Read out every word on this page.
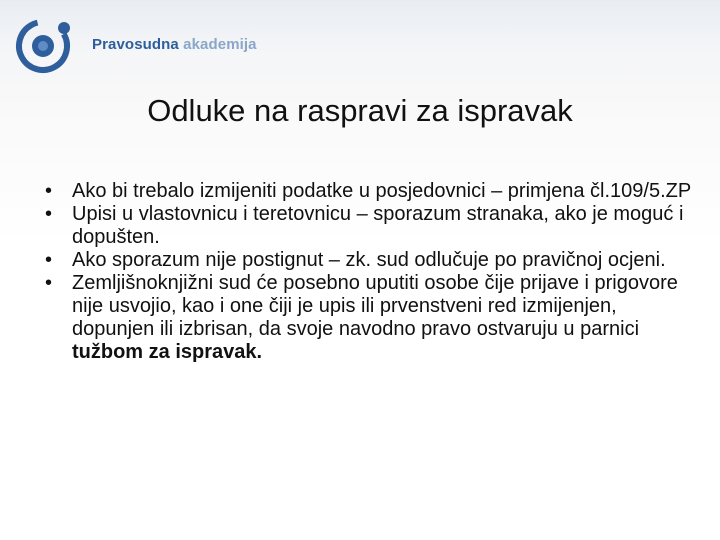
Pravosudna akademija
Odluke na raspravi za ispravak
• Ako bi trebalo izmijeniti podatke u posjedovnici – primjena čl.109/5.ZP
• Upisi u vlastovnicu i teretovnicu – sporazum stranaka, ako je moguć i dopušten.
• Ako sporazum nije postignut – zk. sud odlučuje po pravičnoj ocjeni.
• Zemljišnoknjižni sud će posebno uputiti osobe čije prijave i prigovore nije usvojio, kao i one čiji je upis ili prvenstveni red izmijenjen, dopunjen ili izbrisan, da svoje navodno pravo ostvaruju u parnici tužbom za ispravak.
